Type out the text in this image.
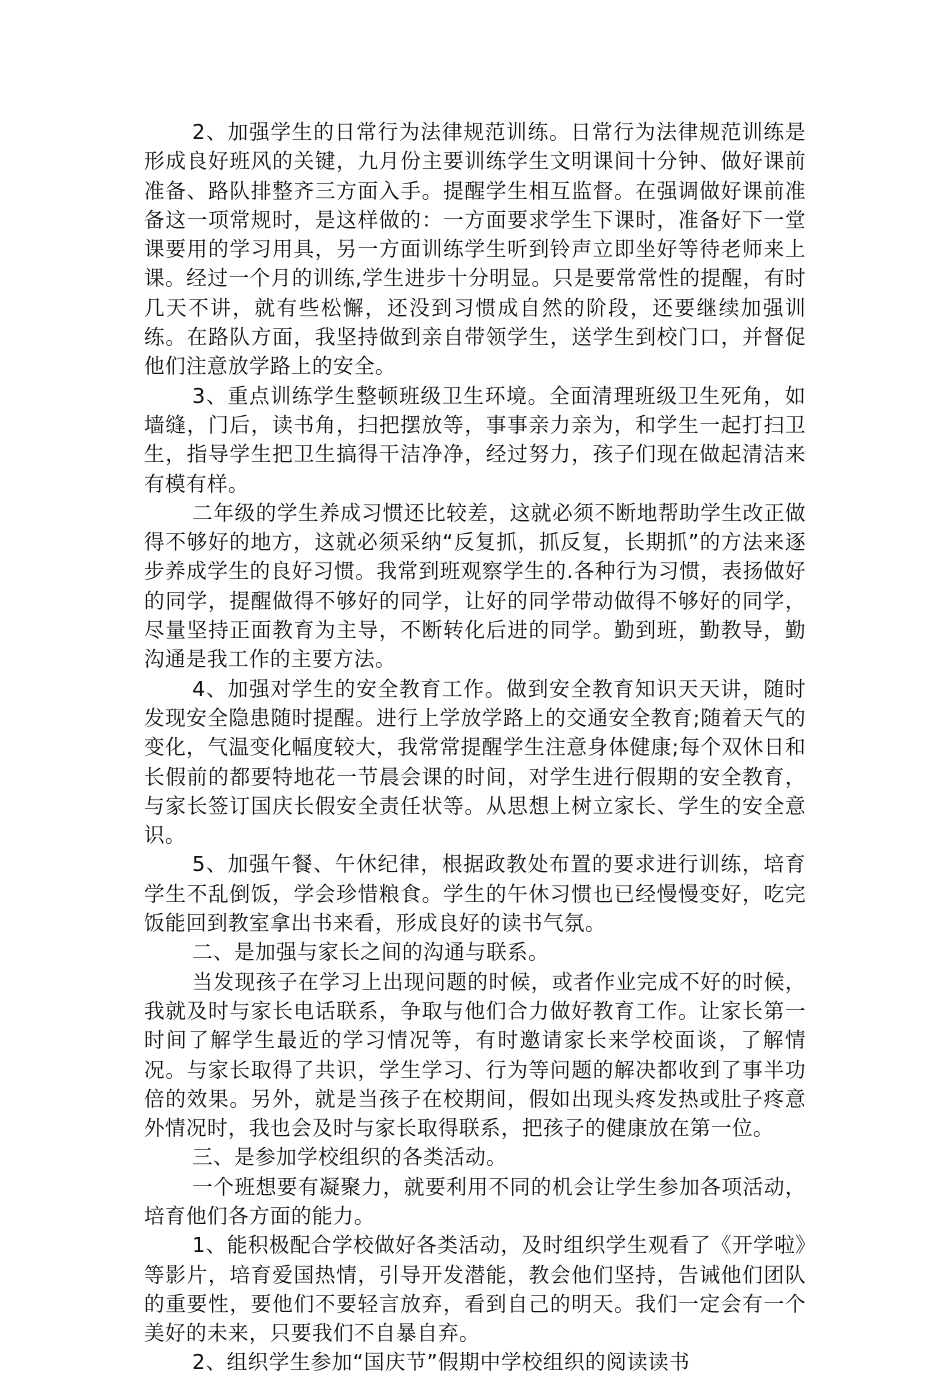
2、加强学生的日常行为法律规范训练。日常行为法律规范训练是形成良好班风的关键，九月份主要训练学生文明课间十分钟、做好课前准备、路队排整齐三方面入手。提醒学生相互监督。在强调做好课前准备这一项常规时，是这样做的：一方面要求学生下课时，准备好下一堂课要用的学习用具，另一方面训练学生听到铃声立即坐好等待老师来上课。经过一个月的训练,学生进步十分明显。只是要常常性的提醒，有时几天不讲，就有些松懈，还没到习惯成自然的阶段，还要继续加强训练。在路队方面，我坚持做到亲自带领学生，送学生到校门口，并督促他们注意放学路上的安全。

3、重点训练学生整顿班级卫生环境。全面清理班级卫生死角，如墙缝，门后，读书角，扫把摆放等，事事亲力亲为，和学生一起打扫卫生，指导学生把卫生搞得干洁净净，经过努力，孩子们现在做起清洁来有模有样。

二年级的学生养成习惯还比较差，这就必须不断地帮助学生改正做得不够好的地方，这就必须采纳“反复抓，抓反复，长期抓”的方法来逐步养成学生的良好习惯。我常到班观察学生的.各种行为习惯，表扬做好的同学，提醒做得不够好的同学，让好的同学带动做得不够好的同学，尽量坚持正面教育为主导，不断转化后进的同学。勤到班，勤教导，勤沟通是我工作的主要方法。

4、加强对学生的安全教育工作。做到安全教育知识天天讲，随时发现安全隐患随时提醒。进行上学放学路上的交通安全教育;随着天气的变化，气温变化幅度较大，我常常提醒学生注意身体健康;每个双休日和长假前的都要特地花一节晨会课的时间，对学生进行假期的安全教育，与家长签订国庆长假安全责任状等。从思想上树立家长、学生的安全意识。

5、加强午餐、午休纪律，根据政教处布置的要求进行训练，培育学生不乱倒饭，学会珍惜粮食。学生的午休习惯也已经慢慢变好，吃完饭能回到教室拿出书来看，形成良好的读书气氛。

二、是加强与家长之间的沟通与联系。

当发现孩子在学习上出现问题的时候，或者作业完成不好的时候，我就及时与家长电话联系，争取与他们合力做好教育工作。让家长第一时间了解学生最近的学习情况等，有时邀请家长来学校面谈，了解情况。与家长取得了共识，学生学习、行为等问题的解决都收到了事半功倍的效果。另外，就是当孩子在校期间，假如出现头疼发热或肚子疼意外情况时，我也会及时与家长取得联系，把孩子的健康放在第一位。

三、是参加学校组织的各类活动。

一个班想要有凝聚力，就要利用不同的机会让学生参加各项活动，培育他们各方面的能力。

1、能积极配合学校做好各类活动，及时组织学生观看了《开学啦》等影片，培育爱国热情，引导开发潜能，教会他们坚持，告诫他们团队的重要性，要他们不要轻言放弃，看到自己的明天。我们一定会有一个美好的未来，只要我们不自暴自弃。

2、组织学生参加“国庆节”假期中学校组织的阅读读书
